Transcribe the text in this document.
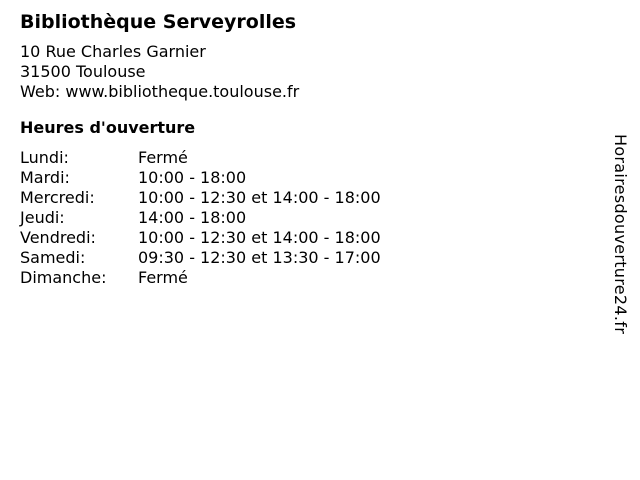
Bibliothèque Serveyrolles
10 Rue Charles Garnier
31500 Toulouse
Web: www.bibliotheque.toulouse.fr
Heures d'ouverture
Lundi:	Fermé
Mardi:	10:00 - 18:00
Mercredi:	10:00 - 12:30 et 14:00 - 18:00
Jeudi:	14:00 - 18:00
Vendredi:	10:00 - 12:30 et 14:00 - 18:00
Samedi:	09:30 - 12:30 et 13:30 - 17:00
Dimanche:	Fermé	Horairesdouverture24.fr
